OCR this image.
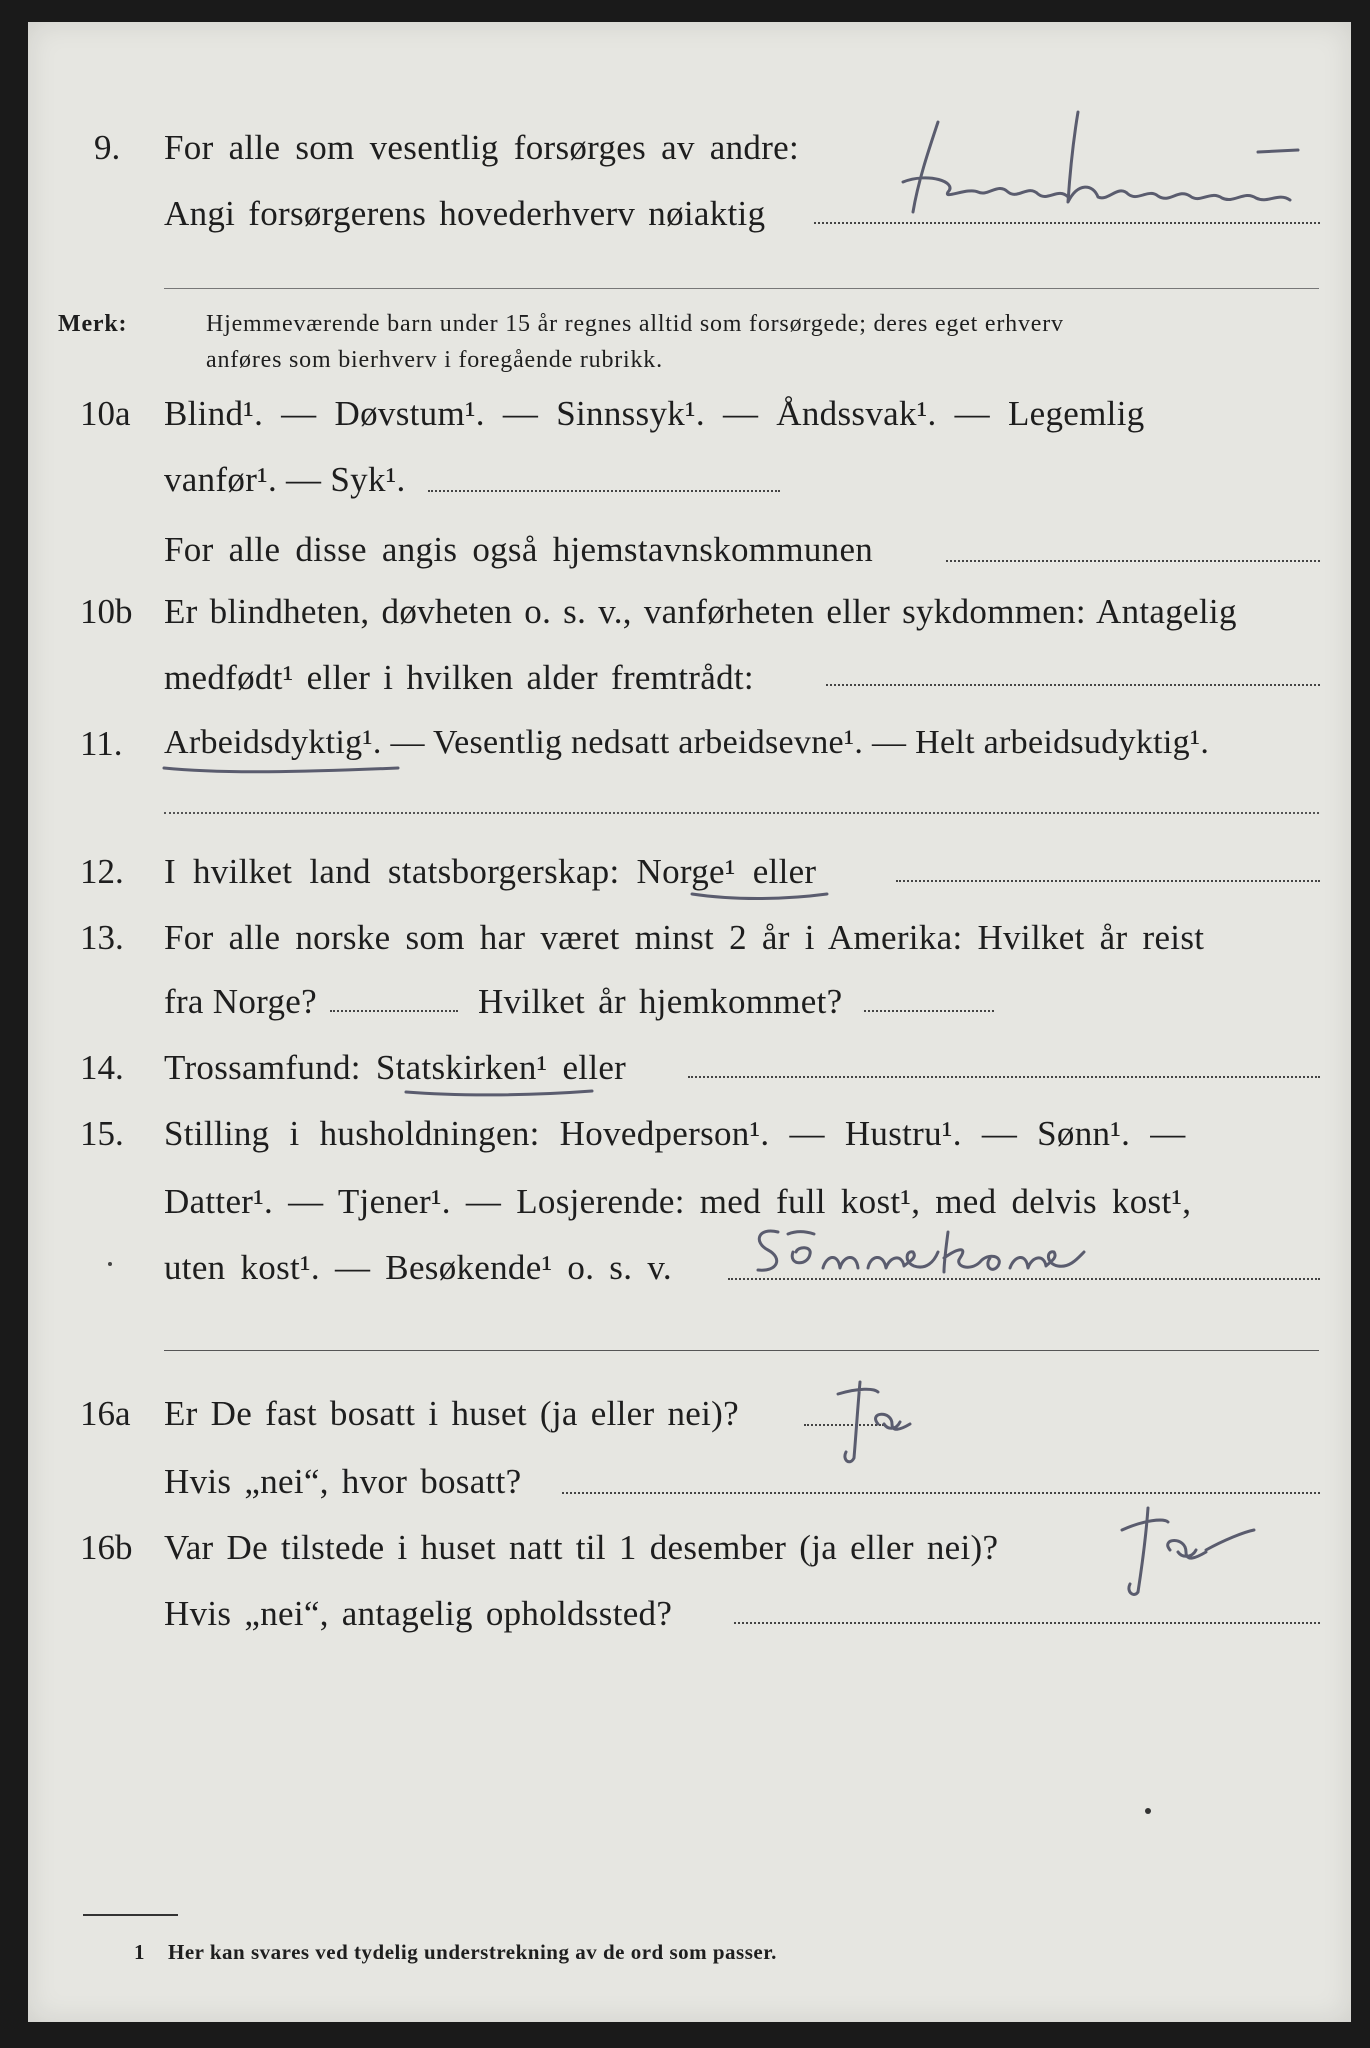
9. For alle som vesentlig forsørges av andre:
Angi forsørgerens hovederhverv nøiaktig
Merk:	Hjemmeværende barn under 15 år regnes alltid som forsørgede; deres eget erhverv
anføres som bierhverv i foregående rubrikk.
10a Blind¹. — Døvstum¹. — Sinnssyk¹. — Åndssvak¹. — Legemlig
vanfør¹. — Syk¹.
For alle disse angis også hjemstavnskommunen
10b Er blindheten, døvheten o. s. v., vanførheten eller sykdommen: Antagelig
medfødt¹ eller i hvilken alder fremtrådt:
11. Arbeidsdyktig¹. — Vesentlig nedsatt arbeidsevne¹. — Helt arbeidsudyktig¹.
12. I hvilket land statsborgerskap: Norge¹ eller
13. For alle norske som har været minst 2 år i Amerika: Hvilket år reist
fra Norge?	Hvilket år hjemkommet?
14. Trossamfund: Statskirken¹ eller
15. Stilling i husholdningen: Hovedperson¹. — Hustru¹. — Sønn¹. —
Datter¹. — Tjener¹. — Losjerende: med full kost¹, med delvis kost¹,
uten kost¹. — Besøkende¹ o. s. v.
16a Er De fast bosatt i huset (ja eller nei)?
Hvis „nei“, hvor bosatt?
16b Var De tilstede i huset natt til 1 desember (ja eller nei)?
Hvis „nei“, antagelig opholdssted?
1 Her kan svares ved tydelig understrekning av de ord som passer.
